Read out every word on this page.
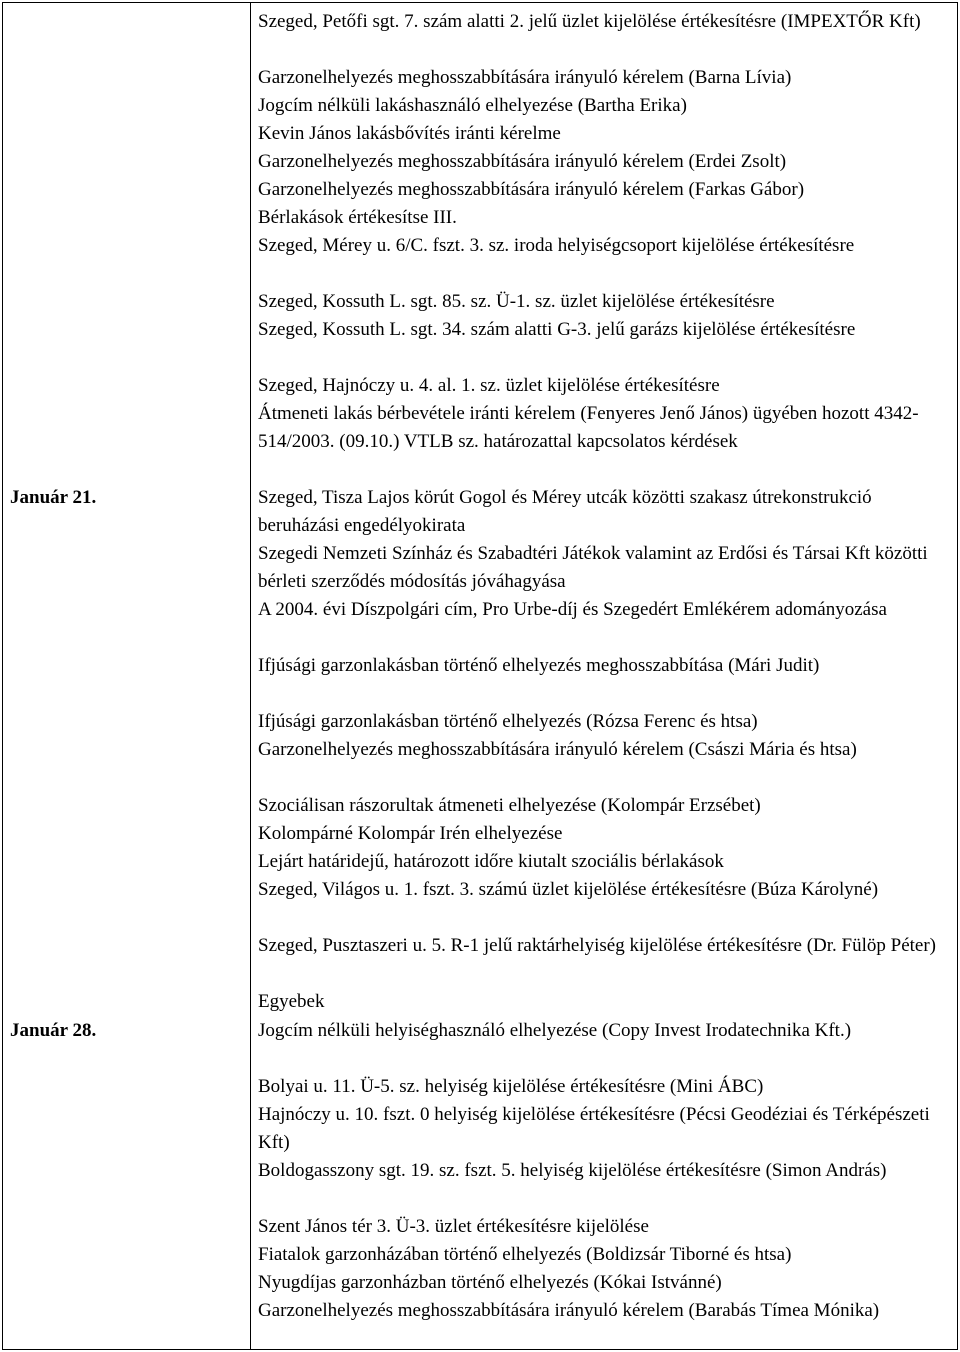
Január 21.
Január 28.
Szeged, Petőfi sgt. 7. szám alatti 2. jelű üzlet kijelölése értékesítésre (IMPEXTŐR Kft)
Garzonelhelyezés meghosszabbítására irányuló kérelem (Barna Lívia)
Jogcím nélküli lakáshasználó elhelyezése (Bartha Erika)
Kevin János lakásbővítés iránti kérelme
Garzonelhelyezés meghosszabbítására irányuló kérelem (Erdei Zsolt)
Garzonelhelyezés meghosszabbítására irányuló kérelem (Farkas Gábor)
Bérlakások értékesítse III.
Szeged, Mérey u. 6/C. fszt. 3. sz. iroda helyiségcsoport kijelölése értékesítésre
Szeged, Kossuth L. sgt. 85. sz. Ü-1. sz. üzlet kijelölése értékesítésre
Szeged, Kossuth L. sgt. 34. szám alatti G-3. jelű garázs kijelölése értékesítésre
Szeged, Hajnóczy u. 4. al. 1. sz. üzlet kijelölése értékesítésre
Átmeneti lakás bérbevétele iránti kérelem (Fenyeres Jenő János) ügyében hozott 4342-514/2003. (09.10.) VTLB sz. határozattal kapcsolatos kérdések
Szeged, Tisza Lajos körút Gogol és Mérey utcák közötti szakasz útrekonstrukció beruházási engedélyokirata
Szegedi Nemzeti Színház és Szabadtéri Játékok valamint az Erdősi és Társai Kft közötti bérleti szerződés módosítás jóváhagyása
A 2004. évi Díszpolgári cím, Pro Urbe-díj és Szegedért Emlékérem adományozása
Ifjúsági garzonlakásban történő elhelyezés meghosszabbítása (Mári Judit)
Ifjúsági garzonlakásban történő elhelyezés (Rózsa Ferenc és htsa)
Garzonelhelyezés meghosszabbítására irányuló kérelem (Császi Mária és htsa)
Szociálisan rászorultak átmeneti elhelyezése (Kolompár Erzsébet)
Kolompárné Kolompár Irén elhelyezése
Lejárt határidejű, határozott időre kiutalt szociális bérlakások
Szeged, Világos u. 1. fszt. 3. számú üzlet kijelölése értékesítésre (Búza Károlyné)
Szeged, Pusztaszeri u. 5. R-1 jelű raktárhelyiség kijelölése értékesítésre (Dr. Fülöp Péter)
Egyebek
Jogcím nélküli helyiséghasználó elhelyezése (Copy Invest Irodatechnika Kft.)
Bolyai u. 11. Ü-5. sz. helyiség kijelölése értékesítésre (Mini ÁBC)
Hajnóczy u. 10. fszt. 0 helyiség kijelölése értékesítésre (Pécsi Geodéziai és Térképészeti Kft)
Boldogasszony sgt. 19. sz. fszt. 5. helyiség kijelölése értékesítésre (Simon András)
Szent János tér 3. Ü-3. üzlet értékesítésre kijelölése
Fiatalok garzonházában történő elhelyezés (Boldizsár Tiborné és htsa)
Nyugdíjas garzonházban történő elhelyezés (Kókai Istvánné)
Garzonelhelyezés meghosszabbítására irányuló kérelem (Barabás Tímea Mónika)
